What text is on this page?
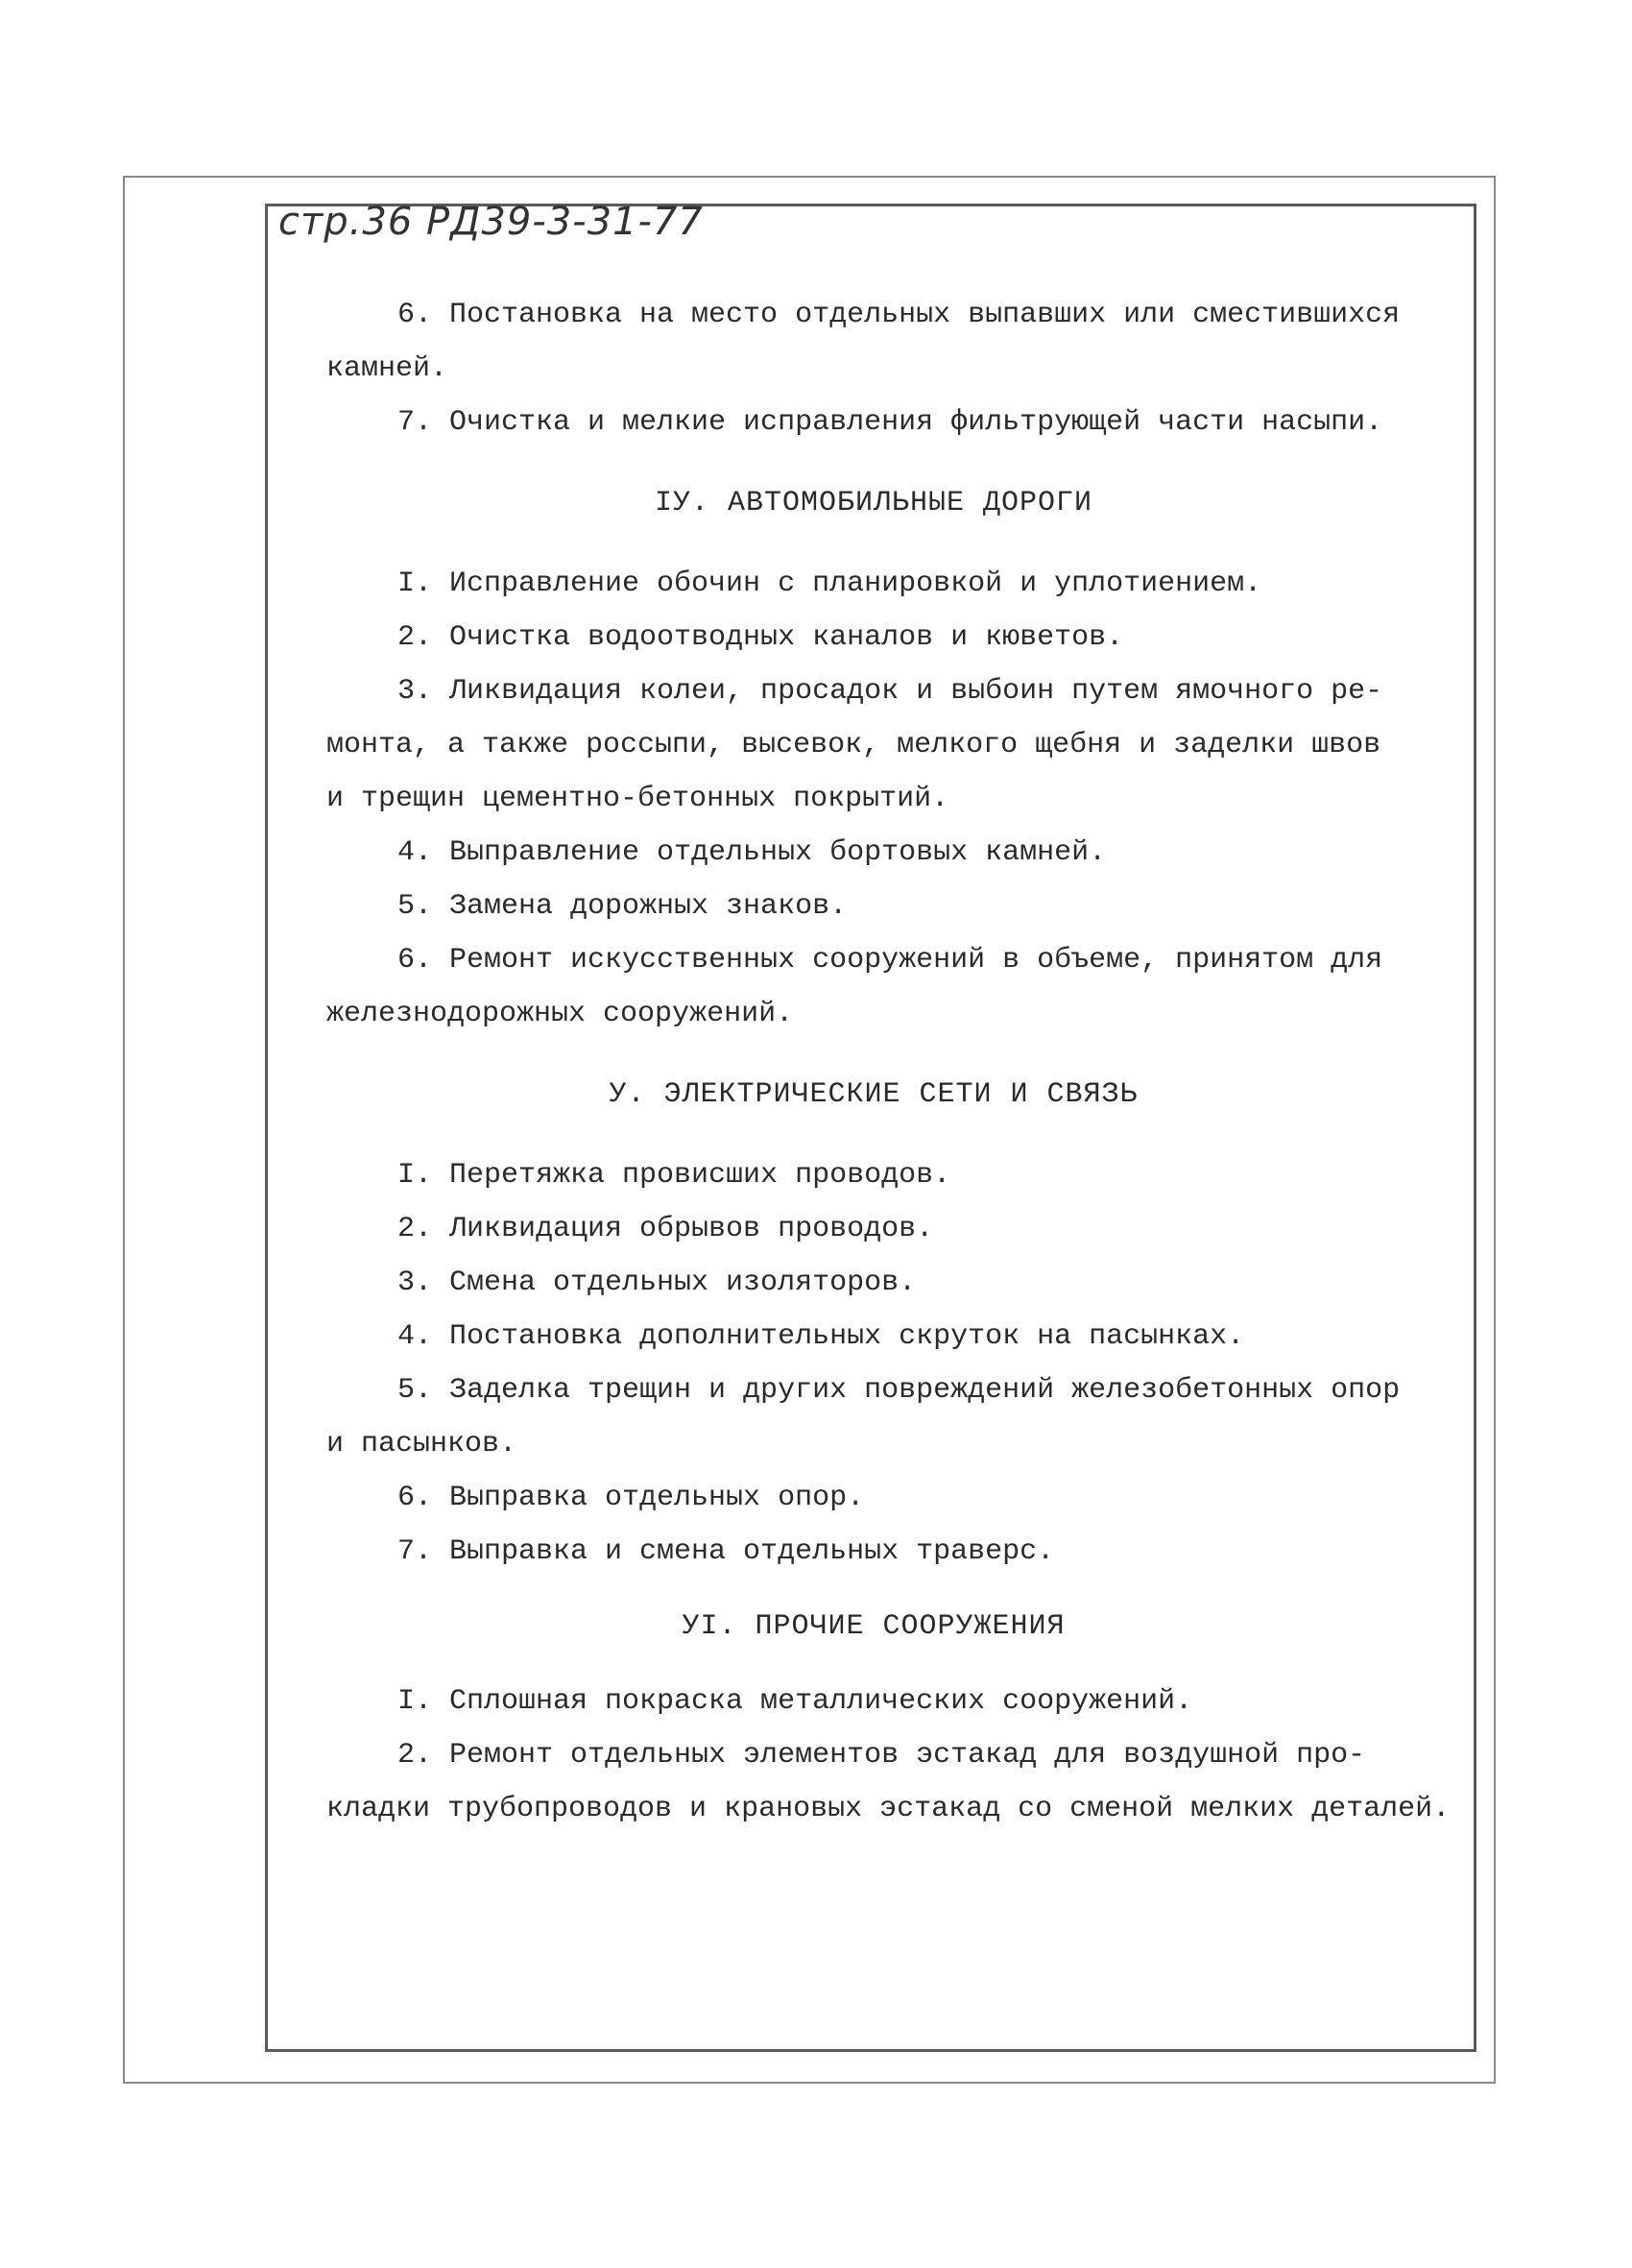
стр.36 РД39-3-31-77

6. Постановка на место отдельных выпавших или сместившихся

камней.

7. Очистка и мелкие исправления фильтрующей части насыпи.

IУ. АВТОМОБИЛЬНЫЕ ДОРОГИ

I. Исправление обочин с планировкой и уплотиением.

2. Очистка водоотводных каналов и кюветов.

3. Ликвидация колеи, просадок и выбоин путем ямочного ре-

монта, а также россыпи, высевок, мелкого щебня и заделки швов

и трещин цементно-бетонных покрытий.

4. Выправление отдельных бортовых камней.

5. Замена дорожных знаков.

6. Ремонт искусственных сооружений в объеме, принятом для

железнодорожных сооружений.

У. ЭЛЕКТРИЧЕСКИЕ СЕТИ И СВЯЗЬ

I. Перетяжка провисших проводов.

2. Ликвидация обрывов проводов.

3. Смена отдельных изоляторов.

4. Постановка дополнительных скруток на пасынках.

5. Заделка трещин и других повреждений железобетонных опор

и пасынков.

6. Выправка отдельных опор.

7. Выправка и смена отдельных траверс.

УI. ПРОЧИЕ СООРУЖЕНИЯ

I. Сплошная покраска металлических сооружений.

2. Ремонт отдельных элементов эстакад для воздушной про-

кладки трубопроводов и крановых эстакад со сменой мелких деталей.
